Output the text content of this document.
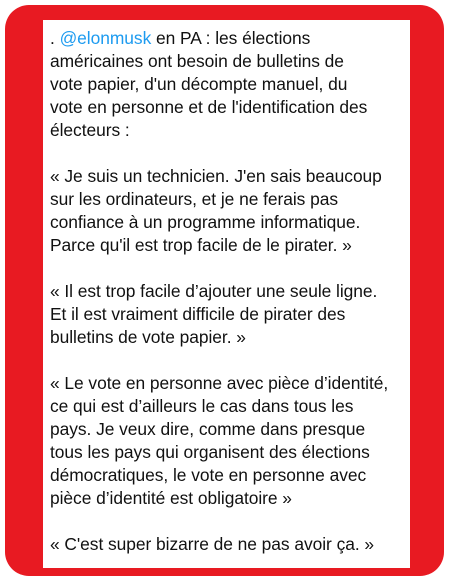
. @elonmusk en PA : les élections
américaines ont besoin de bulletins de
vote papier, d'un décompte manuel, du
vote en personne et de l'identification des
électeurs :

« Je suis un technicien. J'en sais beaucoup
sur les ordinateurs, et je ne ferais pas
confiance à un programme informatique.
Parce qu'il est trop facile de le pirater. »

« Il est trop facile d’ajouter une seule ligne.
Et il est vraiment difficile de pirater des
bulletins de vote papier. »

« Le vote en personne avec pièce d’identité,
ce qui est d’ailleurs le cas dans tous les
pays. Je veux dire, comme dans presque
tous les pays qui organisent des élections
démocratiques, le vote en personne avec
pièce d’identité est obligatoire »

« C'est super bizarre de ne pas avoir ça. »
